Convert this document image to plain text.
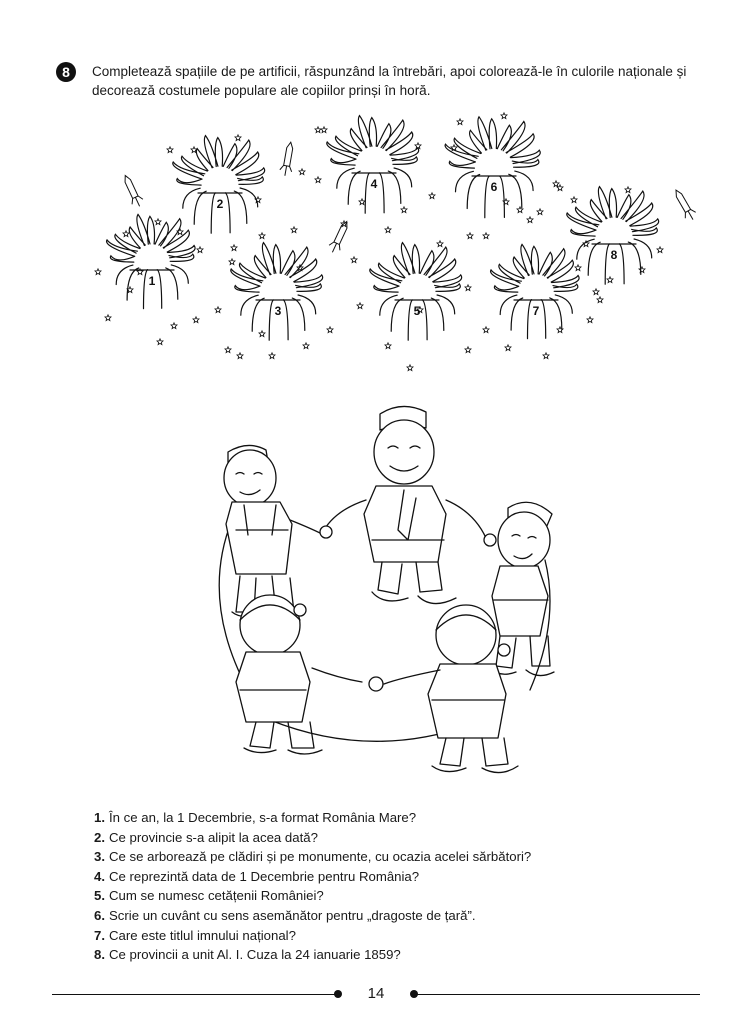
8	Completează spațiile de pe artificii, răspunzând la întrebări, apoi colorează-le în culorile naționale și decorează costumele populare ale copiilor prinși în horă.

1
2
3
4
5
6
7
8
1. În ce an, la 1 Decembrie, s-a format România Mare?
2. Ce provincie s-a alipit la acea dată?
3. Ce se arborează pe clădiri și pe monumente, cu ocazia acelei sărbători?
4. Ce reprezintă data de 1 Decembrie pentru România?
5. Cum se numesc cetățenii României?
6. Scrie un cuvânt cu sens asemănător pentru „dragoste de țară”.
7. Care este titlul imnului național?
8. Ce provincii a unit Al. I. Cuza la 24 ianuarie 1859?
14
